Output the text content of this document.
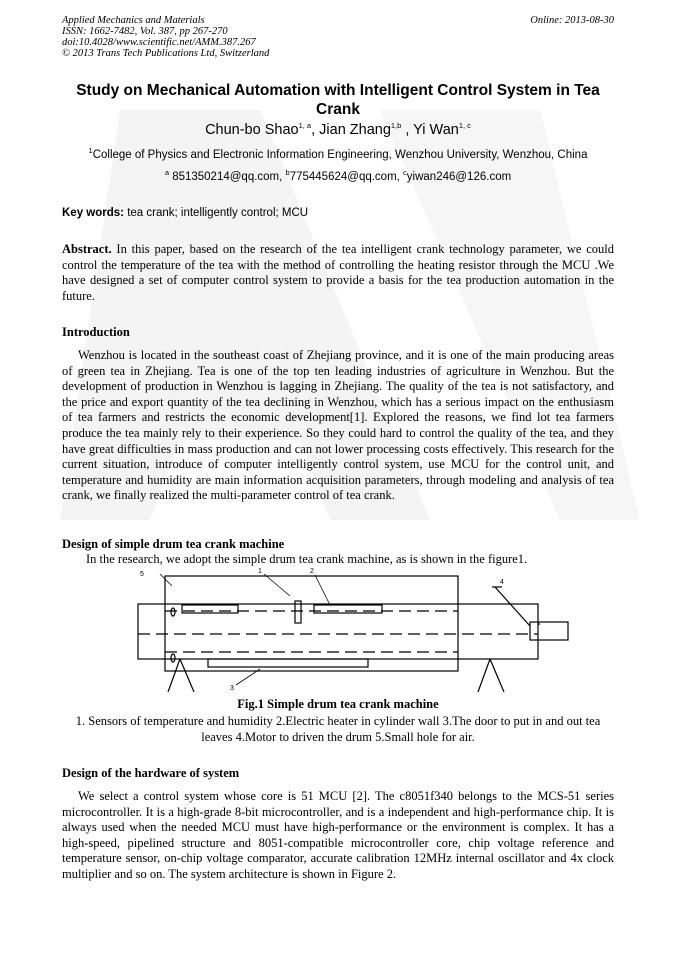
Applied Mechanics and Materials
ISSN: 1662-7482, Vol. 387, pp 267-270
doi:10.4028/www.scientific.net/AMM.387.267
© 2013 Trans Tech Publications Ltd, Switzerland
Online: 2013-08-30
Study on Mechanical Automation with Intelligent Control System in Tea Crank
Chun-bo Shao$^{1, a}$, Jian Zhang$^{1,b}$ , Yi Wan$^{1, c}$
$^1$College of Physics and Electronic Information Engineering, Wenzhou University, Wenzhou, China
$^a$ 851350214@qq.com, $^b$775445624@qq.com, $^c$yiwan246@126.com
Key words: tea crank; intelligently control; MCU
Abstract. In this paper, based on the research of the tea intelligent crank technology parameter, we could control the temperature of the tea with the method of controlling the heating resistor through the MCU .We have designed a set of computer control system to provide a basis for the tea production automation in the future.
Introduction
Wenzhou is located in the southeast coast of Zhejiang province, and it is one of the main producing areas of green tea in Zhejiang. Tea is one of the top ten leading industries of agriculture in Wenzhou. But the development of production in Wenzhou is lagging in Zhejiang. The quality of the tea is not satisfactory, and the price and export quantity of the tea declining in Wenzhou, which has a serious impact on the enthusiasm of tea farmers and restricts the economic development[1]. Explored the reasons, we find lot tea farmers produce the tea mainly rely to their experience. So they could hard to control the quality of the tea, and they have great difficulties in mass production and can not lower processing costs effectively. This research for the current situation, introduce of computer intelligently control system, use MCU for the control unit, and temperature and humidity are main information acquisition parameters, through modeling and analysis of tea crank, we finally realized the multi-parameter control of tea crank.
Design of simple drum tea crank machine
In the research, we adopt the simple drum tea crank machine, as is shown in the figure1.
1	2
3
4
5
Fig.1 Simple drum tea crank machine
1. Sensors of temperature and humidity 2.Electric heater in cylinder wall 3.The door to put in and out tea leaves 4.Motor to driven the drum 5.Small hole for air.
Design of the hardware of system
We select a control system whose core is 51 MCU [2]. The c8051f340 belongs to the MCS-51 series microcontroller. It is a high-grade 8-bit microcontroller, and is a independent and high-performance chip. It is always used when the needed MCU must have high-performance or the environment is complex. It has a high-speed, pipelined structure and 8051-compatible microcontroller core, chip voltage reference and temperature sensor, on-chip voltage comparator, accurate calibration 12MHz internal oscillator and 4x clock multiplier and so on. The system architecture is shown in Figure 2.
